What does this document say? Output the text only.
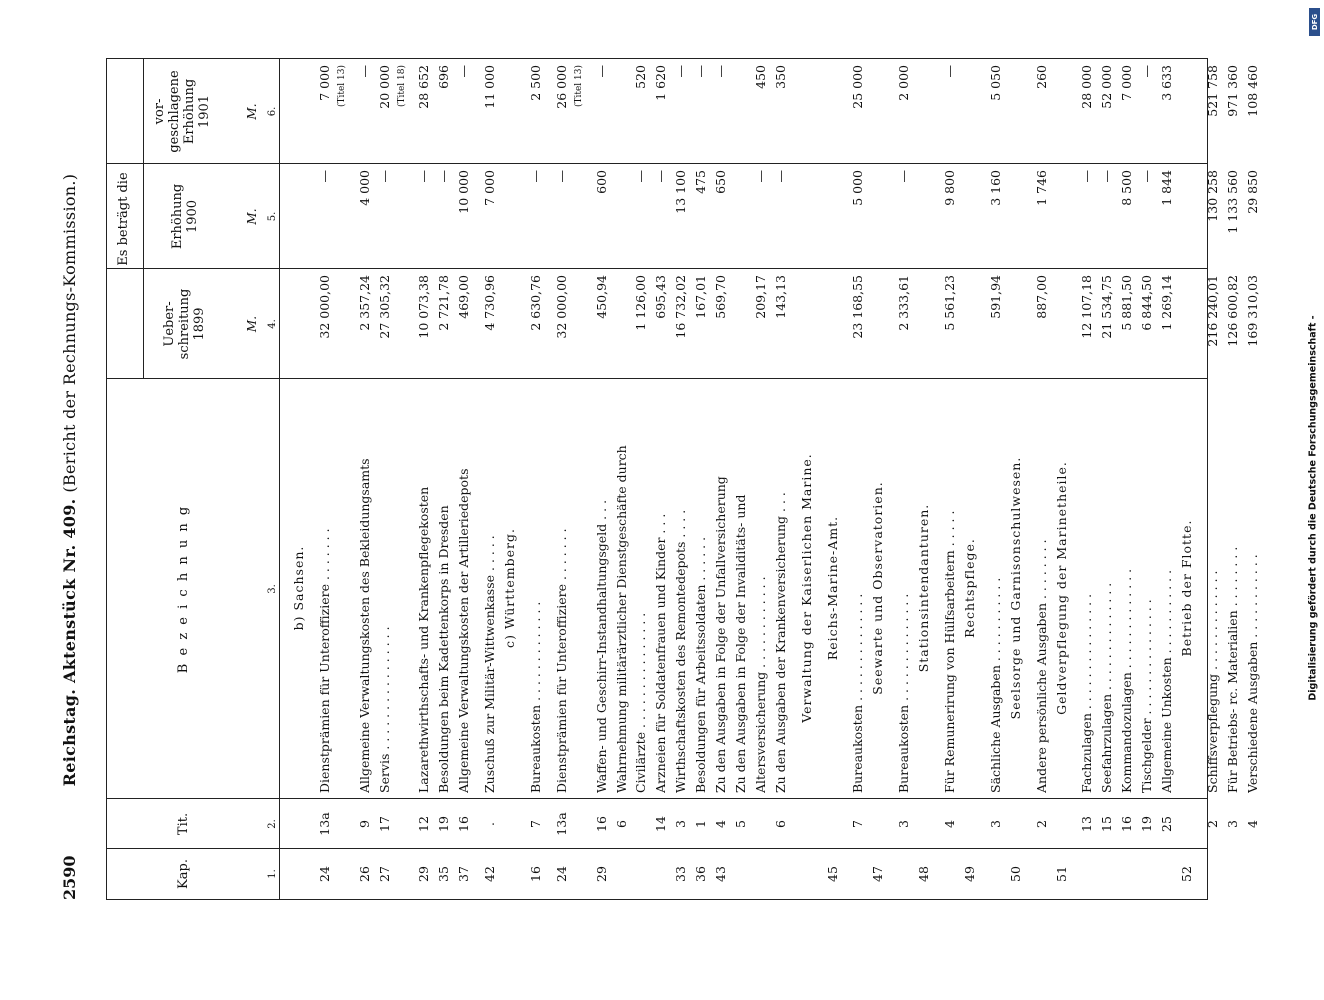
Digitalisierung gefördert durch die Deutsche Forschungsgemeinschaft -
DFG
2590
Reichstag. Aktenstück Nr. 409. (Bericht der Rechnungs-Kommission.)
Kap.
Tit.
B e z e i c h n u n g
Es beträgt die
Ueber-schreitung 1899
Erhöhung 1900
vor-geschlagene Erhöhung 1901
M.
M.
M.
1.
2.
3.
4.
5.
6.
b) Sachsen.
24
13a
Dienstprämien für Unteroffiziere . . . . . . .
32 000,00
—
7 000 (Titel 13)
26
9
Allgemeine Verwaltungskosten des Bekleidungsamts
2 357,24
4 000
—
27
17
Servis . . . . . . . . . . . . . . . .
27 305,32
—
20 000 (Titel 18)
29
12
Lazarethwirthschafts- und Krankenpflegekosten
10 073,38
—
28 652
35
19
Besoldungen beim Kadettenkorps in Dresden
2 721,78
—
696
37
16
Allgemeine Verwaltungskosten der Artilleriedepots
469,00
10 000
—
42
.
Zuschuß zur Militär-Wittwenkasse . . . . .
4 730,96
7 000
11 000
c) Württemberg.
16
7
Bureaukosten . . . . . . . . . . . . .
2 630,76
—
2 500
24
13a
Dienstprämien für Unteroffiziere . . . . . . .
32 000,00
—
26 000 (Titel 13)
29
16
Waffen- und Geschirr-Instandhaltungsgeld . . .
450,94
600
—
6
Wahrnehmung militärärztlicher Dienstgeschäfte durch Civilärzte . . . . . . . . . . . . . . .
1 126,00
—
520
14
Arzneien für Soldatenfrauen und Kinder . . .
695,43
—
1 620
33
3
Wirthschaftskosten des Remontedepots . . . .
16 732,02
13 100
—
36
1
Besoldungen für Arbeitssoldaten . . . . . .
167,01
475
—
43
4
Zu den Ausgaben in Folge der Unfallversicherung
569,70
650
—
5
Zu den Ausgaben in Folge der Invaliditäts- und Altersversicherung . . . . . . . . . . . .
209,17
—
450
6
Zu den Ausgaben der Krankenversicherung . . .
143,13
—
350
Verwaltung der Kaiserlichen Marine.
45
Reichs-Marine-Amt.
7
Bureaukosten . . . . . . . . . . . . . .
23 168,55
5 000
25 000
47
Seewarte und Observatorien.
3
Bureaukosten . . . . . . . . . . . . . .
2 333,61
—
2 000
48
Stationsintendanturen.
4
Für Remunerirung von Hülfsarbeitern . . . . .
5 561,23
9 800
—
49
Rechtspflege.
3
Sächliche Ausgaben . . . . . . . . . . .
591,94
3 160
5 050
50
Seelsorge und Garnisonschulwesen.
2
Andere persönliche Ausgaben . . . . . . . .
887,00
1 746
260
51
Geldverpflegung der Marinetheile.
13
Fachzulagen . . . . . . . . . . . . . . .
12 107,18
—
28 000
15
Seefahrzulagen . . . . . . . . . . . . . .
21 534,75
—
52 000
16
Kommandozulagen . . . . . . . . . . . . .
5 881,50
8 500
7 000
19
Tischgelder . . . . . . . . . . . . . . .
6 844,50
—
—
25
Allgemeine Unkosten . . . . . . . . . . .
1 269,14
1 844
3 633
52
Betrieb der Flotte.
2
Schiffsverpflegung . . . . . . . . . . . . .
216 240,01
130 258
521 758
3
Für Betriebs- rc. Materialien . . . . . . . .
126 600,82
1 133 560
971 360
4
Verschiedene Ausgaben . . . . . . . . . . .
169 310,03
29 850
108 460
